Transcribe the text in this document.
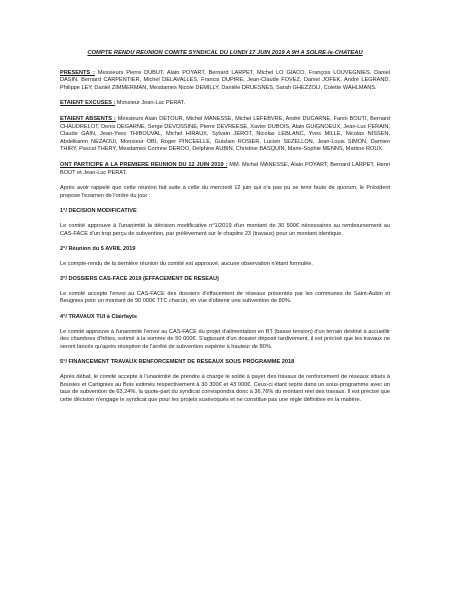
COMPTE RENDU REUNION COMITE SYNDICAL DU LUNDI 17 JUIN 2019 A 9H A SOLRE-le-CHATEAU

PRESENTS : Messieurs Pierre DUBUT, Alain POYART, Bernard LARPET, Michel LO GIACO, François LOUVEGNIES, Daniel DASIN, Bernard CARPENTIER, Michel DELAVALLES, Francis DUPIRE, Jean-Claude FOVEZ, Daniel JOFEK, André LEGRAND, Philippe LEY, Daniel ZIMMERMAN, Mesdames Nicole DEMILLY, Danièle DRUESNES, Sarah GHEZZOLI, Colette WAHLMANS.

ETAIENT EXCUSES : Monsieur Jean-Luc PERAT.

ETAIENT ABSENTS : Messieurs Alain DETOUR, Michel MANESSE, Michel LEFEBVRE, André DUCARNE, Fanni BOUTI, Bernard CHAUDRELOT, Denis DEGARNE, Serge DEVOSSINE, Pierre DEVREESE, Xavier DUBOIS, Alain GUIGNOEUX, Jean-Luc FERAIN, Claude GAIN, Jean-Yves THIBOUVAL, Michel HIRAUX, Sylvain JEROT, Nicolas LEBLANC, Yves MILLE, Nicolas NISSEN, Abdelkarim NEZAOUI, Monsieur OBI, Roger PINCEELLE, Guislain ROSIER, Lucien SEZELLON, Jean-Louis SIMON, Damien THIRY, Pascal THERY, Mesdames Corinne DEROO, Delphine AUBIN, Christine BASQUIN, Marie-Sophie MENNS, Martine ROUX.

ONT PARTICIPE A LA PREMIERE REUNION DU 12 JUIN 2019 : MM. Michel MANESSE, Alain POYART, Bernard LARPET, Henri BOUT et Jean-Luc PERAT.

Après avoir rappelé que cette réunion fait suite à celle du mercredi 12 juin qui n'a pas pu se tenir faute de quorum, le Président propose l'examen de l'ordre du jour :

1°/ DECISION MODIFICATIVE

Le comité approuve à l'unanimité la décision modificative n°1/2019 d'un montant de 30 500€ nécessaires au remboursement au CAS-FACE d'un trop perçu de subvention, par prélèvement sur le chapitre 23 (travaux) pour un montant identique.

2°/ Réunion du 5 AVRIL 2019

Le compte-rendu de la dernière réunion du comité est approuvé, aucune observation n'étant formulée.

3°/ DOSSIERS CAS-FACE 2019 (EFFACEMENT DE RESEAU)

Le comité accepte l'envoi au CAS-FACE des dossiers d'effacement de réseaux présentés par les communes de Saint-Aubin et Beugnies pour un montant de 90 000€ TTC chacun, en vue d'obtenir une subvention de 80%.

4°/ TRAVAUX TUI à Clairfayts

Le comité approuve à l'unanimité l'envoi au CAS-FACE du projet d'alimentation en BT (basse tension) d'un terrain destiné à accueillir des chambres d'hôtes, estimé à la somme de 50 000€. S'agissant d'un dossier déposé tardivement, il est précisé que les travaux ne seront lancés qu'après réception de l'arrêté de subvention espérée à hauteur de 80%.

5°/ FINANCEMENT TRAVAUX RENFORCEMENT DE RESEAUX SOUS PROGRAMME 2018

Après débat, le comité accepte à l'unanimité de prendre à charge le solde à payer des travaux de renforcement de réseaux situés à Bousies et Cartignies au Bois estimés respectivement à 30 300€ et 43 000€. Ceux-ci étant repris dans un sous-programme avec un taux de subvention de 63,24%, la quote-part du syndicat correspondra donc à 36,76% du montant réel des travaux. Il est précisé que cette décision n'engage le syndicat que pour les projets susévoqués et ne constitue pas une règle définitive en la matière.
